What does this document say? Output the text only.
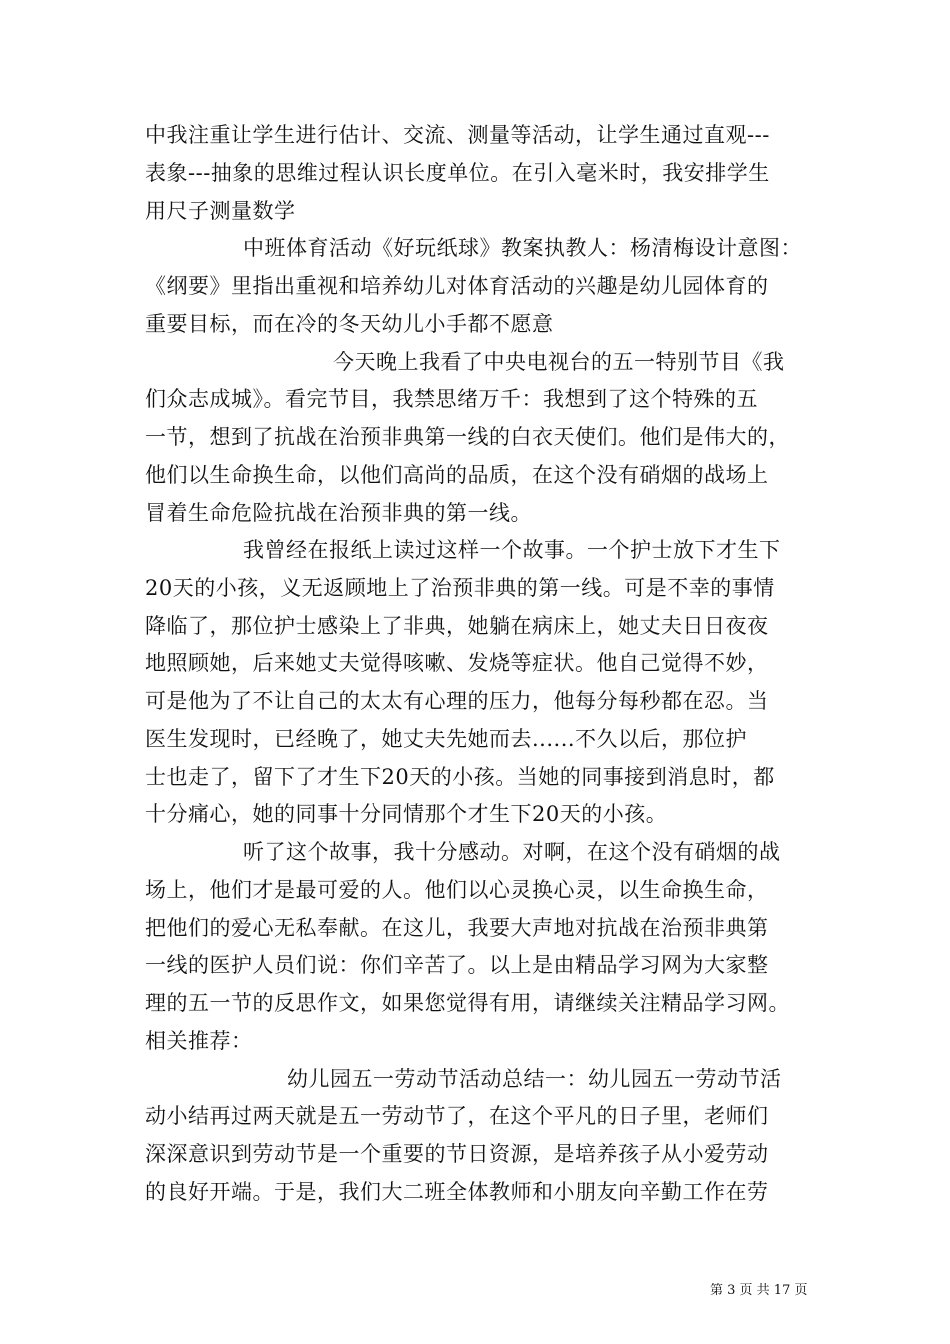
中我注重让学生进行估计、交流、测量等活动，让学生通过直观---
表象---抽象的思维过程认识长度单位。在引入毫米时，我安排学生
用尺子测量数学
中班体育活动《好玩纸球》教案执教人：杨清梅设计意图：
《纲要》里指出重视和培养幼儿对体育活动的兴趣是幼儿园体育的
重要目标，而在冷的冬天幼儿小手都不愿意
今天晚上我看了中央电视台的五一特别节目《我
们众志成城》。看完节目，我禁思绪万千：我想到了这个特殊的五
一节，想到了抗战在治预非典第一线的白衣天使们。他们是伟大的，
他们以生命换生命，以他们高尚的品质，在这个没有硝烟的战场上
冒着生命危险抗战在治预非典的第一线。
我曾经在报纸上读过这样一个故事。一个护士放下才生下
20天的小孩，义无返顾地上了治预非典的第一线。可是不幸的事情
降临了，那位护士感染上了非典，她躺在病床上，她丈夫日日夜夜
地照顾她，后来她丈夫觉得咳嗽、发烧等症状。他自己觉得不妙，
可是他为了不让自己的太太有心理的压力，他每分每秒都在忍。当
医生发现时，已经晚了，她丈夫先她而去......不久以后，那位护
士也走了，留下了才生下20天的小孩。当她的同事接到消息时，都
十分痛心，她的同事十分同情那个才生下20天的小孩。
听了这个故事，我十分感动。对啊，在这个没有硝烟的战
场上，他们才是最可爱的人。他们以心灵换心灵，以生命换生命，
把他们的爱心无私奉献。在这儿，我要大声地对抗战在治预非典第
一线的医护人员们说：你们辛苦了。以上是由精品学习网为大家整
理的五一节的反思作文，如果您觉得有用，请继续关注精品学习网。
相关推荐：
幼儿园五一劳动节活动总结一：幼儿园五一劳动节活
动小结再过两天就是五一劳动节了，在这个平凡的日子里，老师们
深深意识到劳动节是一个重要的节日资源，是培养孩子从小爱劳动
的良好开端。于是，我们大二班全体教师和小朋友向辛勤工作在劳
第 3 页 共 17 页
